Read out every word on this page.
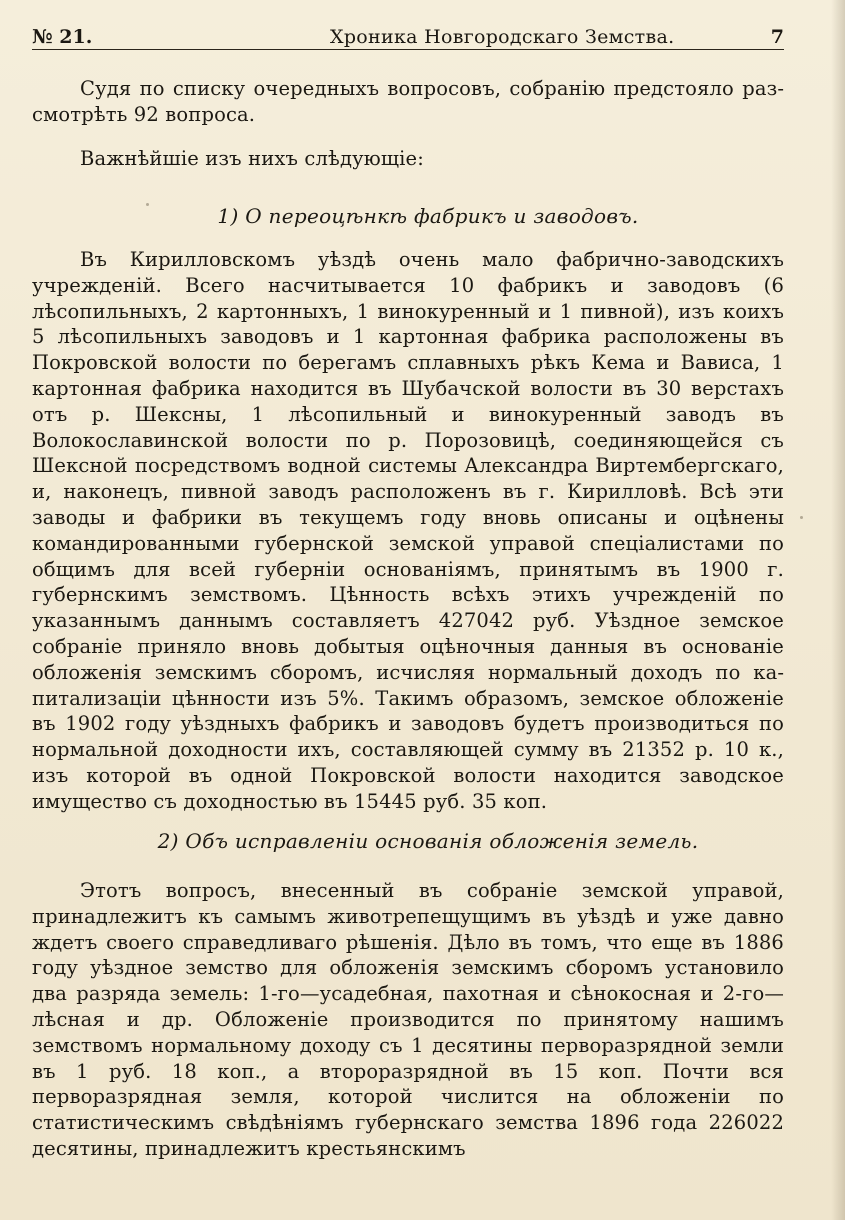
№ 21.	Хроника Новгородскаго Земства.	7

Судя по списку очередныхъ вопросовъ, собранію предстояло разсмотрѣть 92 вопроса.

Важнѣйшіе изъ нихъ слѣдующіе:

1) О переоцѣнкѣ фабрикъ и заводовъ.

Въ Кирилловскомъ уѣздѣ очень мало фабрично-заводскихъ учрежденій. Всего насчитывается 10 фабрикъ и заводовъ (6 лѣсопильныхъ, 2 картонныхъ, 1 винокуренный и 1 пивной), изъ коихъ 5 лѣсопильныхъ заводовъ и 1 картонная фабрика расположены въ Покровской волости по берегамъ сплавныхъ рѣкъ Кема и Вависа, 1 картонная фабрика находится въ Шубачской волости въ 30 верстахъ отъ р. Шексны, 1 лѣсопильный и винокуренный заводъ въ Волокославинской волости по р. Порозовицѣ, соединяющейся съ Шексной посредствомъ водной системы Александра Виртембергскаго, и, наконецъ, пивной заводъ расположенъ въ г. Кирилловѣ. Всѣ эти заводы и фабрики въ текущемъ году вновь описаны и оцѣнены командированными губернской земской управой спеціалистами по общимъ для всей губерніи основаніямъ, принятымъ въ 1900 г. губернскимъ земствомъ. Цѣнность всѣхъ этихъ учрежденій по указаннымъ даннымъ составляетъ 427042 руб. Уѣздное земское собраніе приняло вновь добытыя оцѣночныя данныя въ основаніе обложенія земскимъ сборомъ, исчисляя нормальный доходъ по капитализаціи цѣнности изъ 5%. Такимъ образомъ, земское обложеніе въ 1902 году уѣздныхъ фабрикъ и заводовъ будетъ производиться по нормальной доходности ихъ, составляющей сумму въ 21352 р. 10 к., изъ которой въ одной Покровской волости находится заводское имущество съ доходностью въ 15445 руб. 35 коп.

2) Объ исправленіи основанія обложенія земель.

Этотъ вопросъ, внесенный въ собраніе земской управой, принадлежитъ къ самымъ животрепещущимъ въ уѣздѣ и уже давно ждетъ своего справедливаго рѣшенія. Дѣло въ томъ, что еще въ 1886 году уѣздное земство для обложенія земскимъ сборомъ установило два разряда земель: 1-го—усадебная, пахотная и сѣнокосная и 2-го—лѣсная и др. Обложеніе производится по принятому нашимъ земствомъ нормальному доходу съ 1 десятины перворазрядной земли въ 1 руб. 18 коп., а второразрядной въ 15 коп. Почти вся перворазрядная земля, которой числится на обложеніи по статистическимъ свѣдѣніямъ губернскаго земства 1896 года 226022 десятины, принадлежитъ крестьянскимъ
